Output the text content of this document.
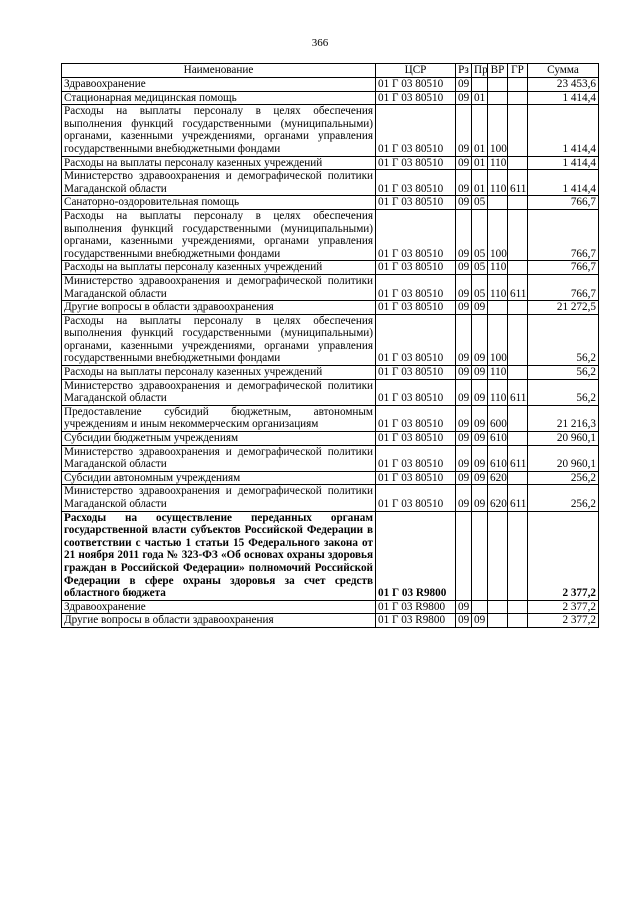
366
Наименование	ЦСР	Рз	Пр	ВР	ГР	Сумма
Здравоохранение	01 Г 03 80510	09				23 453,6
Стационарная медицинская помощь	01 Г 03 80510	09	01			1 414,4
Расходы на выплаты персоналу в целях обеспечения выполнения функций государственными (муниципальными) органами, казенными учреждениями, органами управления государственными внебюджетными фондами	01 Г 03 80510	09	01	100		1 414,4
Расходы на выплаты персоналу казенных учреждений	01 Г 03 80510	09	01	110		1 414,4
Министерство здравоохранения и демографической политики Магаданской области	01 Г 03 80510	09	01	110	611	1 414,4
Санаторно-оздоровительная помощь	01 Г 03 80510	09	05			766,7
Расходы на выплаты персоналу в целях обеспечения выполнения функций государственными (муниципальными) органами, казенными учреждениями, органами управления государственными внебюджетными фондами	01 Г 03 80510	09	05	100		766,7
Расходы на выплаты персоналу казенных учреждений	01 Г 03 80510	09	05	110		766,7
Министерство здравоохранения и демографической политики Магаданской области	01 Г 03 80510	09	05	110	611	766,7
Другие вопросы в области здравоохранения	01 Г 03 80510	09	09			21 272,5
Расходы на выплаты персоналу в целях обеспечения выполнения функций государственными (муниципальными) органами, казенными учреждениями, органами управления государственными внебюджетными фондами	01 Г 03 80510	09	09	100		56,2
Расходы на выплаты персоналу казенных учреждений	01 Г 03 80510	09	09	110		56,2
Министерство здравоохранения и демографической политики Магаданской области	01 Г 03 80510	09	09	110	611	56,2
Предоставление субсидий бюджетным, автономным учреждениям и иным некоммерческим организациям	01 Г 03 80510	09	09	600		21 216,3
Субсидии бюджетным учреждениям	01 Г 03 80510	09	09	610		20 960,1
Министерство здравоохранения и демографической политики Магаданской области	01 Г 03 80510	09	09	610	611	20 960,1
Субсидии автономным учреждениям	01 Г 03 80510	09	09	620		256,2
Министерство здравоохранения и демографической политики Магаданской области	01 Г 03 80510	09	09	620	611	256,2
Расходы на осуществление переданных органам государственной власти субъектов Российской Федерации в соответствии с частью 1 статьи 15 Федерального закона от 21 ноября 2011 года № 323-ФЗ «Об основах охраны здоровья граждан в Российской Федерации» полномочий Российской Федерации в сфере охраны здоровья за счет средств областного бюджета	01 Г 03 R9800					2 377,2
Здравоохранение	01 Г 03 R9800	09				2 377,2
Другие вопросы в области здравоохранения	01 Г 03 R9800	09	09			2 377,2
